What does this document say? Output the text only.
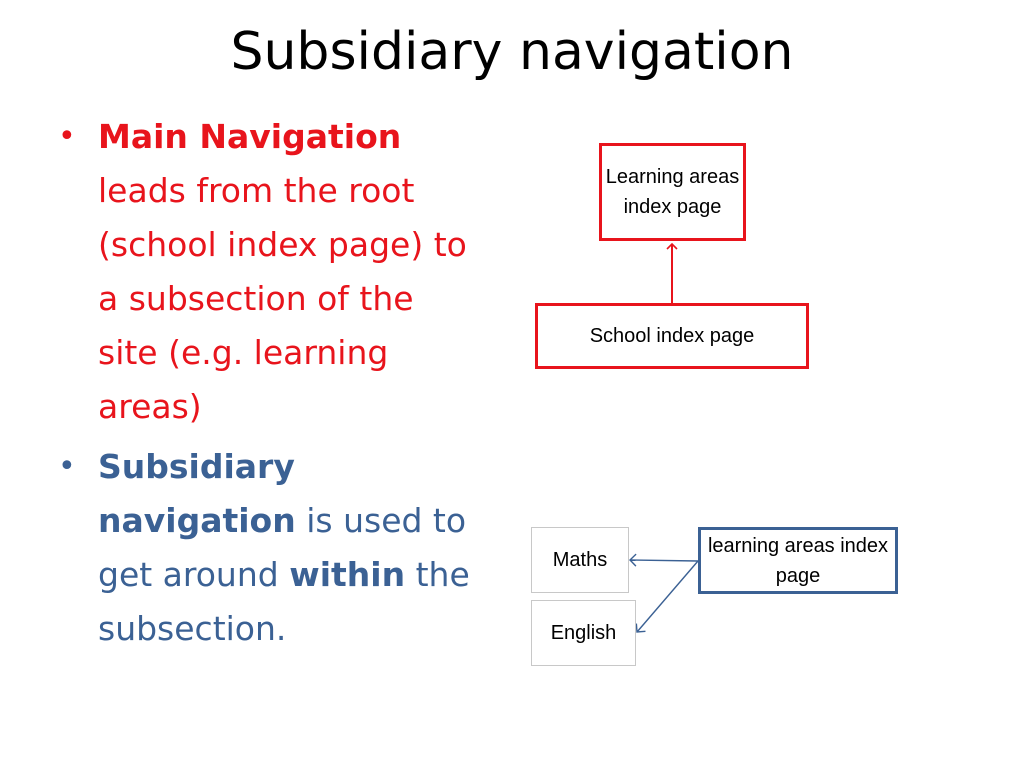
Subsidiary navigation
• Main Navigation leads from the root (school index page) to a subsection of the site (e.g. learning areas)
• Subsidiary navigation is used to get around within the subsection.
Learning areas index page
School index page
Maths
English
learning areas index page
